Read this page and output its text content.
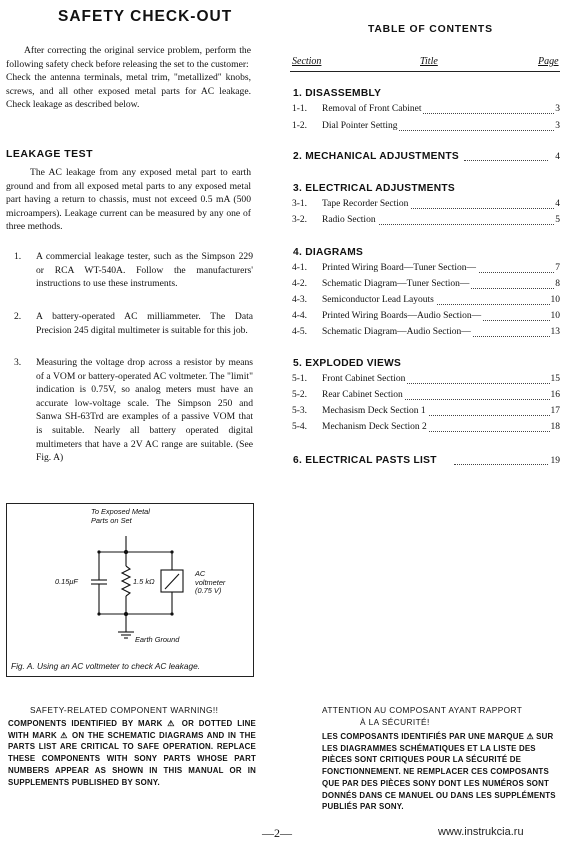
SAFETY CHECK-OUT
After correcting the original service problem, perform the following safety check before releasing the set to the customer:
Check the antenna terminals, metal trim, "metallized" knobs, screws, and all other exposed metal parts for AC leakage. Check leakage as described below.
LEAKAGE TEST
The AC leakage from any exposed metal part to earth ground and from all exposed metal parts to any exposed metal part having a return to chassis, must not exceed 0.5 mA (500 microampers). Leakage current can be measured by any one of three methods.
1. A commercial leakage tester, such as the Simpson 229 or RCA WT-540A. Follow the manufacturers' instructions to use these instruments.
2. A battery-operated AC milliammeter. The Data Precision 245 digital multimeter is suitable for this job.
3. Measuring the voltage drop across a resistor by means of a VOM or battery-operated AC voltmeter. The "limit" indication is 0.75V, so analog meters must have an accurate low-voltage scale. The Simpson 250 and Sanwa SH-63Trd are examples of a passive VOM that is suitable. Nearly all battery operated digital multimeters that have a 2V AC range are suitable. (See Fig. A)
To Exposed Metal
Parts on Set
0.15μF	1.5 kΩ
AC
voltmeter
(0.75 V)
Earth Ground
Fig. A. Using an AC voltmeter to check AC leakage.
SAFETY-RELATED COMPONENT WARNING!!
COMPONENTS IDENTIFIED BY MARK ⚠ OR DOTTED LINE WITH MARK ⚠ ON THE SCHEMATIC DIAGRAMS AND IN THE PARTS LIST ARE CRITICAL TO SAFE OPERATION. REPLACE THESE COMPONENTS WITH SONY PARTS WHOSE PART NUMBERS APPEAR AS SHOWN IN THIS MANUAL OR IN SUPPLEMENTS PUBLISHED BY SONY.
ATTENTION AU COMPOSANT AYANT RAPPORT
À LA SÉCURITÉ!
LES COMPOSANTS IDENTIFIÉS PAR UNE MARQUE ⚠ SUR LES DIAGRAMMES SCHÉMATIQUES ET LA LISTE DES PIÈCES SONT CRITIQUES POUR LA SÉCURITÉ DE FONCTIONNEMENT. NE REMPLACER CES COMPOSANTS QUE PAR DES PIÈCES SONY DONT LES NUMÉROS SONT DONNÉS DANS CE MANUEL OU DANS LES SUPPLÉMENTS PUBLIÉS PAR SONY.
TABLE OF CONTENTS
Section	Title	Page
1. DISASSEMBLY
1-1. Removal of Front Cabinet	3
1-2. Dial Pointer Setting	3
2. MECHANICAL ADJUSTMENTS	4
3. ELECTRICAL ADJUSTMENTS
3-1. Tape Recorder Section	4
3-2. Radio Section	5
4. DIAGRAMS
4-1. Printed Wiring Board—Tuner Section—	7
4-2. Schematic Diagram—Tuner Section—	8
4-3. Semiconductor Lead Layouts	10
4-4. Printed Wiring Boards—Audio Section—	10
4-5. Schematic Diagram—Audio Section—	13
5. EXPLODED VIEWS
5-1. Front Cabinet Section	15
5-2. Rear Cabinet Section	16
5-3. Mechasism Deck Section 1	17
5-4. Mechanism Deck Section 2	18
6. ELECTRICAL PASTS LIST	19
—2—	www.instrukcia.ru
